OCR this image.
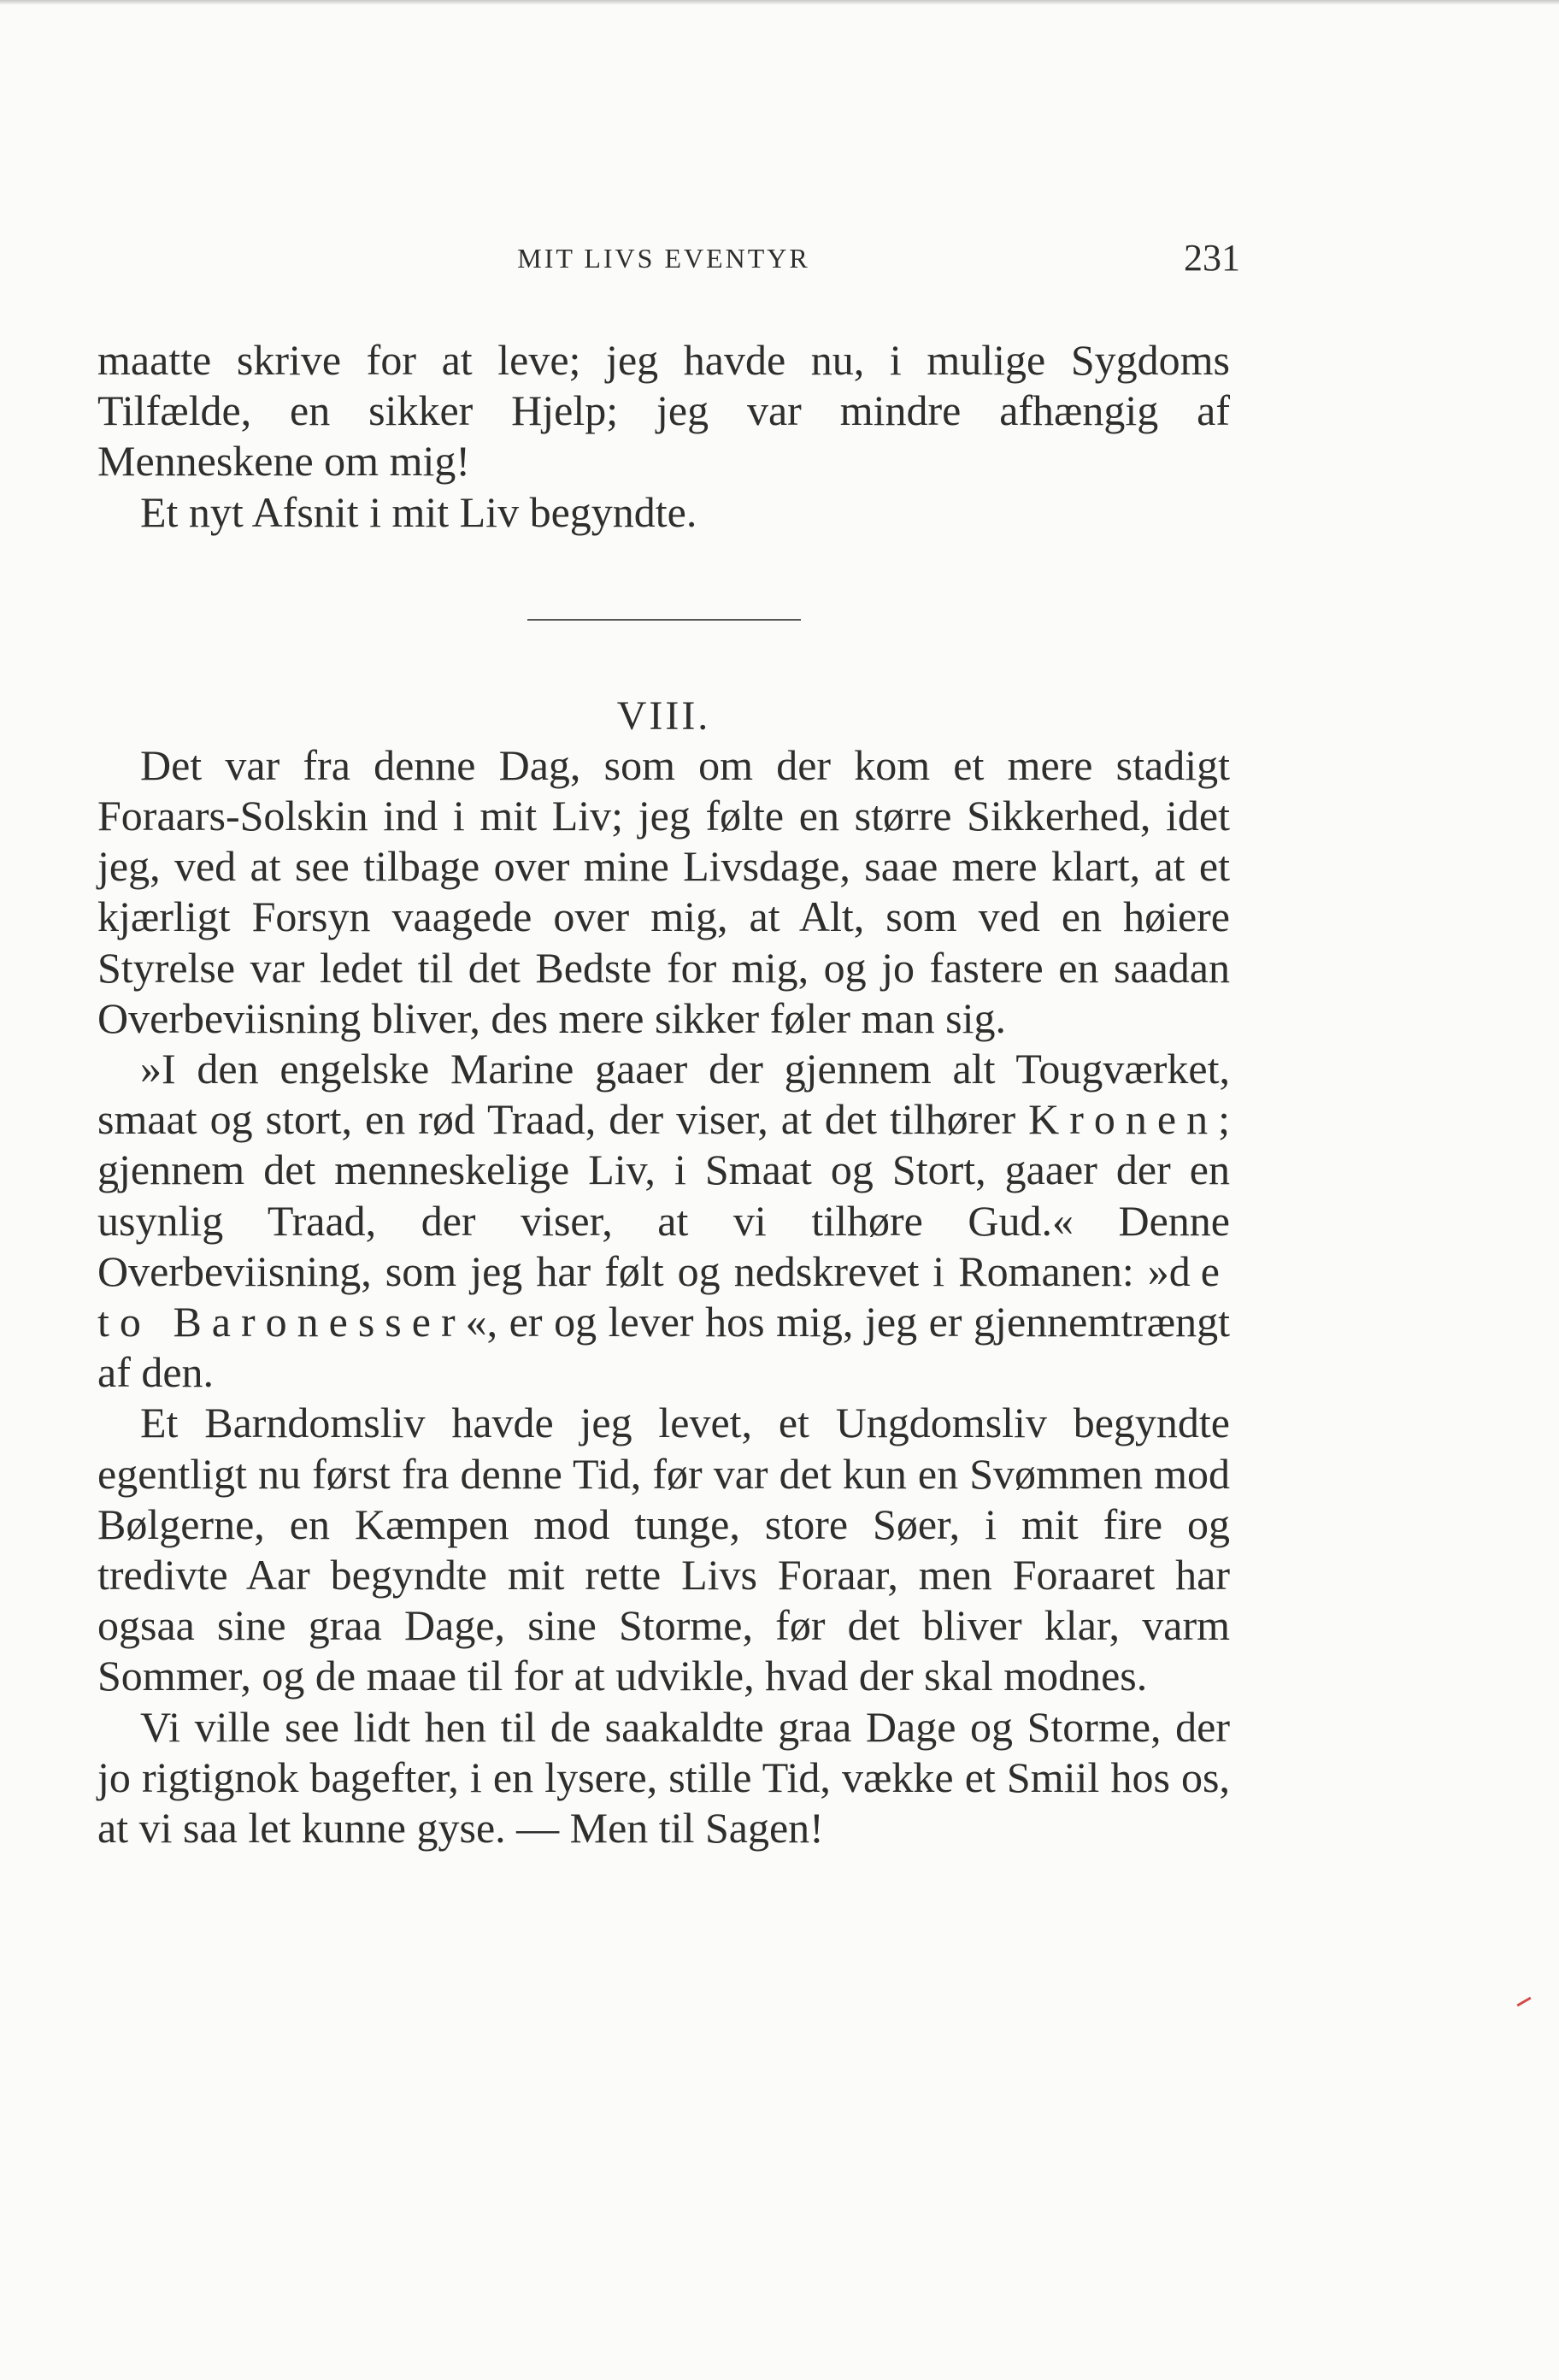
MIT LIVS EVENTYR	231

maatte skrive for at leve; jeg havde nu, i mulige Sygdoms Tilfælde, en sikker Hjelp; jeg var mindre afhængig af Menneskene om mig!

Et nyt Afsnit i mit Liv begyndte.

VIII.

Det var fra denne Dag, som om der kom et mere stadigt Foraars-Solskin ind i mit Liv; jeg følte en større Sikkerhed, idet jeg, ved at see tilbage over mine Livsdage, saae mere klart, at et kjærligt Forsyn vaagede over mig, at Alt, som ved en høiere Styrelse var ledet til det Bedste for mig, og jo fastere en saadan Overbeviisning bliver, des mere sikker føler man sig.

»I den engelske Marine gaaer der gjennem alt Tougværket, smaat og stort, en rød Traad, der viser, at det tilhører Kronen; gjennem det menneskelige Liv, i Smaat og Stort, gaaer der en usynlig Traad, der viser, at vi tilhøre Gud.« Denne Overbeviisning, som jeg har følt og nedskrevet i Romanen: »de to Baronesser«, er og lever hos mig, jeg er gjennemtrængt af den.

Et Barndomsliv havde jeg levet, et Ungdomsliv begyndte egentligt nu først fra denne Tid, før var det kun en Svømmen mod Bølgerne, en Kæmpen mod tunge, store Søer, i mit fire og tredivte Aar begyndte mit rette Livs Foraar, men Foraaret har ogsaa sine graa Dage, sine Storme, før det bliver klar, varm Sommer, og de maae til for at udvikle, hvad der skal modnes.

Vi ville see lidt hen til de saakaldte graa Dage og Storme, der jo rigtignok bagefter, i en lysere, stille Tid, vække et Smiil hos os, at vi saa let kunne gyse. — Men til Sagen!
